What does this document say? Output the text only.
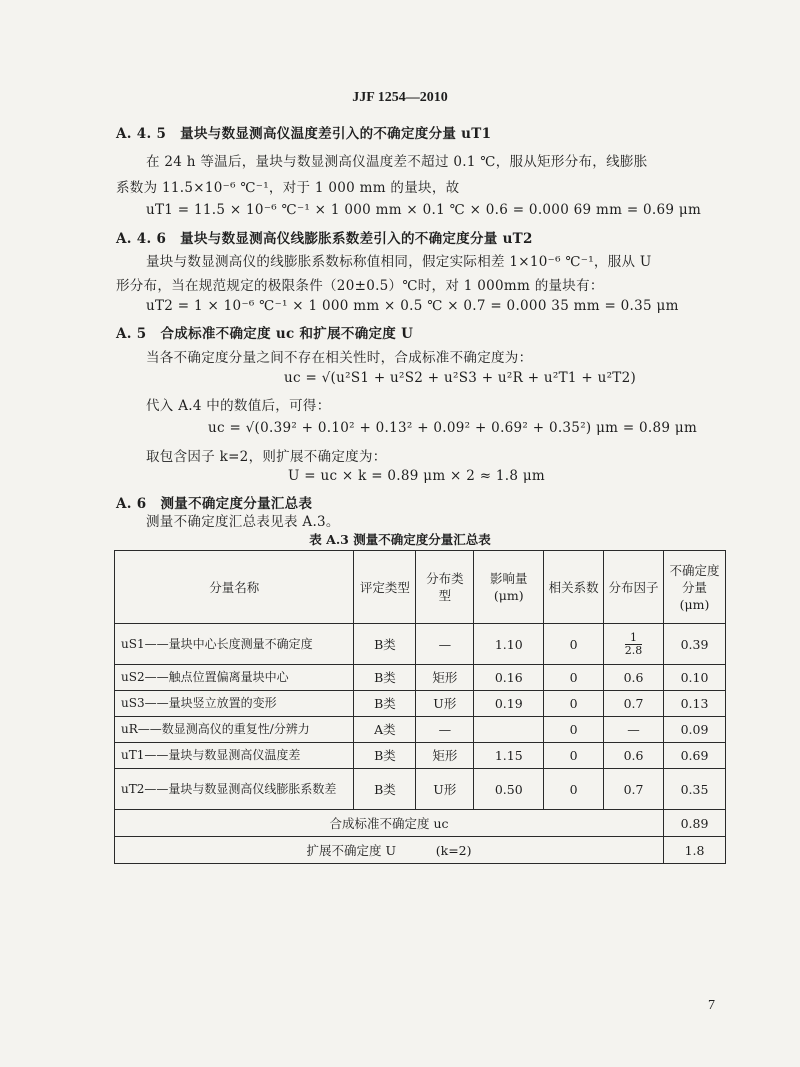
JJF 1254—2010
A. 4. 5 量块与数显测高仪温度差引入的不确定度分量 uT1
在 24 h 等温后，量块与数显测高仪温度差不超过 0.1 ℃，服从矩形分布，线膨胀
系数为 11.5×10⁻⁶ ℃⁻¹，对于 1 000 mm 的量块，故
uT1 = 11.5 × 10⁻⁶ ℃⁻¹ × 1 000 mm × 0.1 ℃ × 0.6 = 0.000 69 mm = 0.69 μm
A. 4. 6 量块与数显测高仪线膨胀系数差引入的不确定度分量 uT2
量块与数显测高仪的线膨胀系数标称值相同，假定实际相差 1×10⁻⁶ ℃⁻¹，服从 U
形分布，当在规范规定的极限条件（20±0.5）℃时，对 1 000mm 的量块有：
uT2 = 1 × 10⁻⁶ ℃⁻¹ × 1 000 mm × 0.5 ℃ × 0.7 = 0.000 35 mm = 0.35 μm
A. 5 合成标准不确定度 uc 和扩展不确定度 U
当各不确定度分量之间不存在相关性时，合成标准不确定度为：
uc = √(u²S1 + u²S2 + u²S3 + u²R + u²T1 + u²T2)
代入 A.4 中的数值后，可得：
uc = √(0.39² + 0.10² + 0.13² + 0.09² + 0.69² + 0.35²) μm = 0.89 μm
取包含因子 k=2，则扩展不确定度为：
U = uc × k = 0.89 μm × 2 ≈ 1.8 μm
A. 6 测量不确定度分量汇总表
测量不确定度汇总表见表 A.3。
表 A.3 测量不确定度分量汇总表
分量名称	评定类型	分布类型	影响量 (μm)	相关系数	分布因子	不确定度分量 (μm)
uS1——量块中心长度测量不确定度	B类	—	1.10	0	$\frac{1}{2.8}$	0.39
uS2——触点位置偏离量块中心	B类	矩形	0.16	0	0.6	0.10
uS3——量块竖立放置的变形	B类	U形	0.19	0	0.7	0.13
uR——数显测高仪的重复性/分辨力	A类	—		0	—	0.09
uT1——量块与数显测高仪温度差	B类	矩形	1.15	0	0.6	0.69
uT2——量块与数显测高仪线膨胀系数差	B类	U形	0.50	0	0.7	0.35
合成标准不确定度 uc						0.89
扩展不确定度 U          (k=2)						1.8
7
